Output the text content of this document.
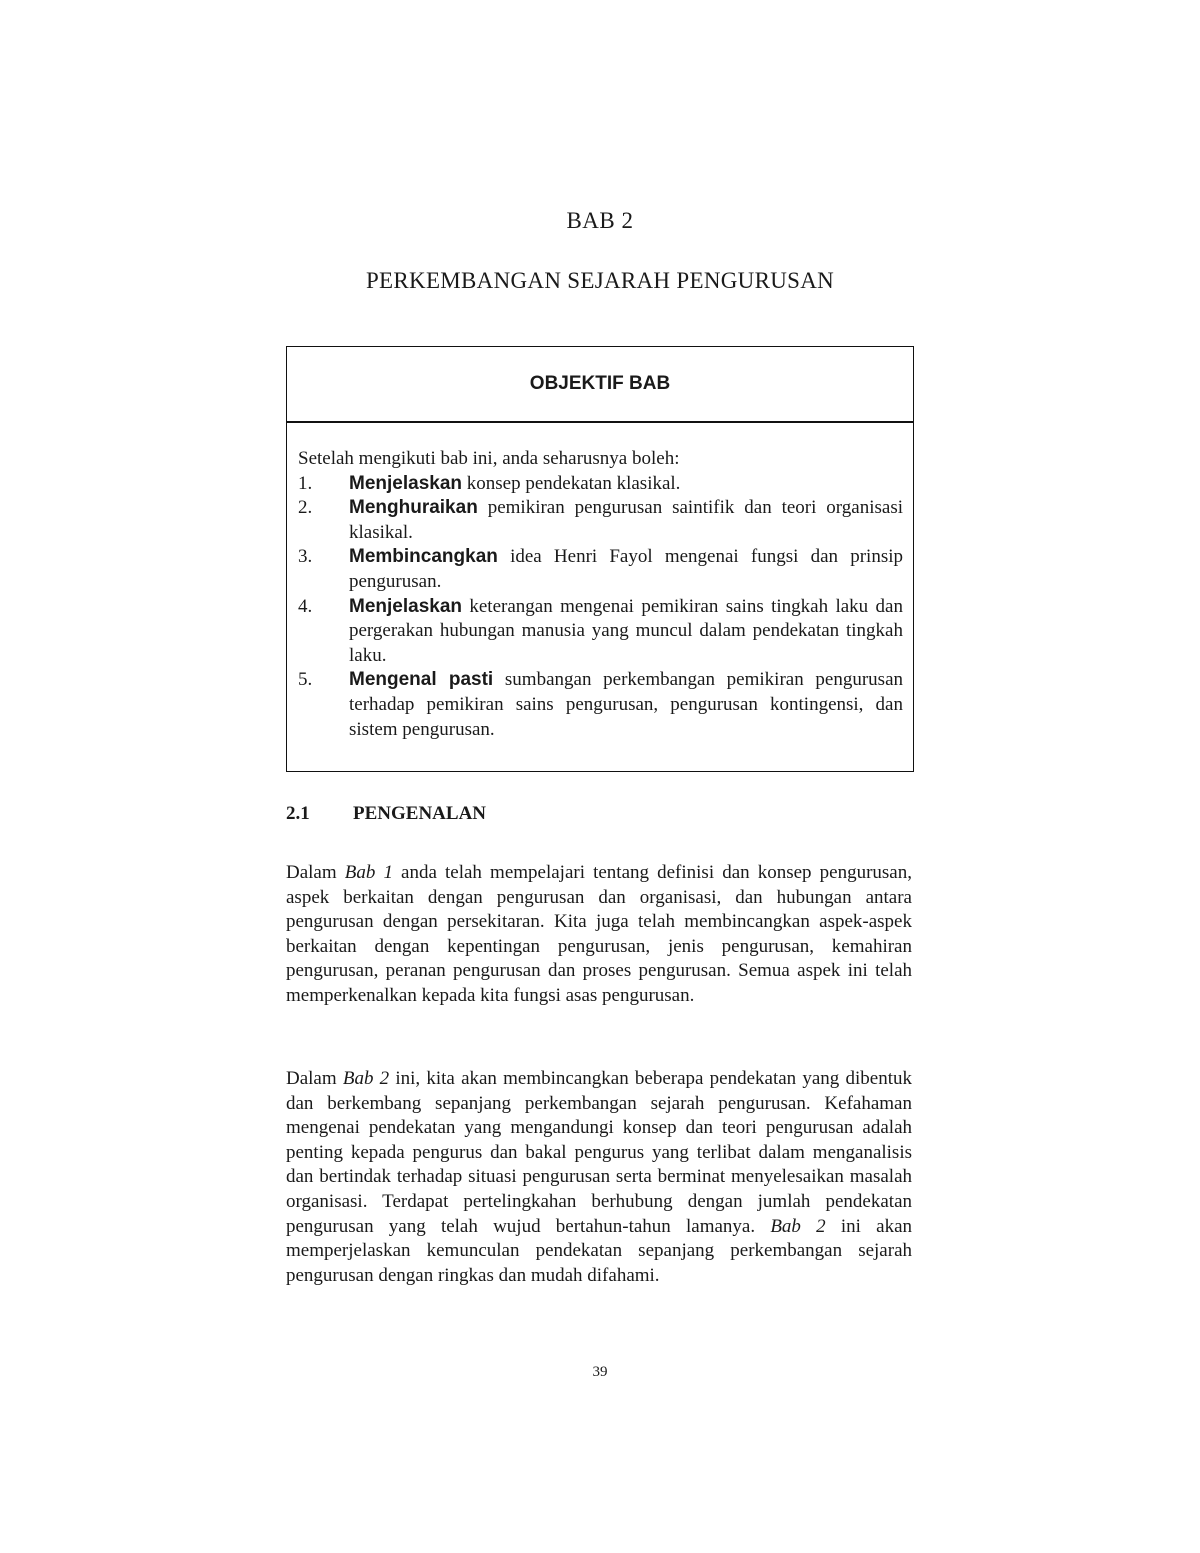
BAB 2
PERKEMBANGAN SEJARAH PENGURUSAN
OBJEKTIF BAB
Setelah mengikuti bab ini, anda seharusnya boleh:
1.	Menjelaskan konsep pendekatan klasikal.
2.	Menghuraikan pemikiran pengurusan saintifik dan teori organisasi klasikal.
3.	Membincangkan idea Henri Fayol mengenai fungsi dan prinsip pengurusan.
4.	Menjelaskan keterangan mengenai pemikiran sains tingkah laku dan pergerakan hubungan manusia yang muncul dalam pendekatan tingkah laku.
5.	Mengenal pasti sumbangan perkembangan pemikiran pengurusan terhadap pemikiran sains pengurusan, pengurusan kontingensi, dan sistem pengurusan.
2.1	PENGENALAN
Dalam Bab 1 anda telah mempelajari tentang definisi dan konsep pengurusan, aspek berkaitan dengan pengurusan dan organisasi, dan hubungan antara pengurusan dengan persekitaran. Kita juga telah membincangkan aspek-aspek berkaitan dengan kepentingan pengurusan, jenis pengurusan, kemahiran pengurusan, peranan pengurusan dan proses pengurusan. Semua aspek ini telah memperkenalkan kepada kita fungsi asas pengurusan.
Dalam Bab 2 ini, kita akan membincangkan beberapa pendekatan yang dibentuk dan berkembang sepanjang perkembangan sejarah pengurusan. Kefahaman mengenai pendekatan yang mengandungi konsep dan teori pengurusan adalah penting kepada pengurus dan bakal pengurus yang terlibat dalam menganalisis dan bertindak terhadap situasi pengurusan serta berminat menyelesaikan masalah organisasi. Terdapat pertelingkahan berhubung dengan jumlah pendekatan pengurusan yang telah wujud bertahun-tahun lamanya. Bab 2 ini akan memperjelaskan kemunculan pendekatan sepanjang perkembangan sejarah pengurusan dengan ringkas dan mudah difahami.
39
